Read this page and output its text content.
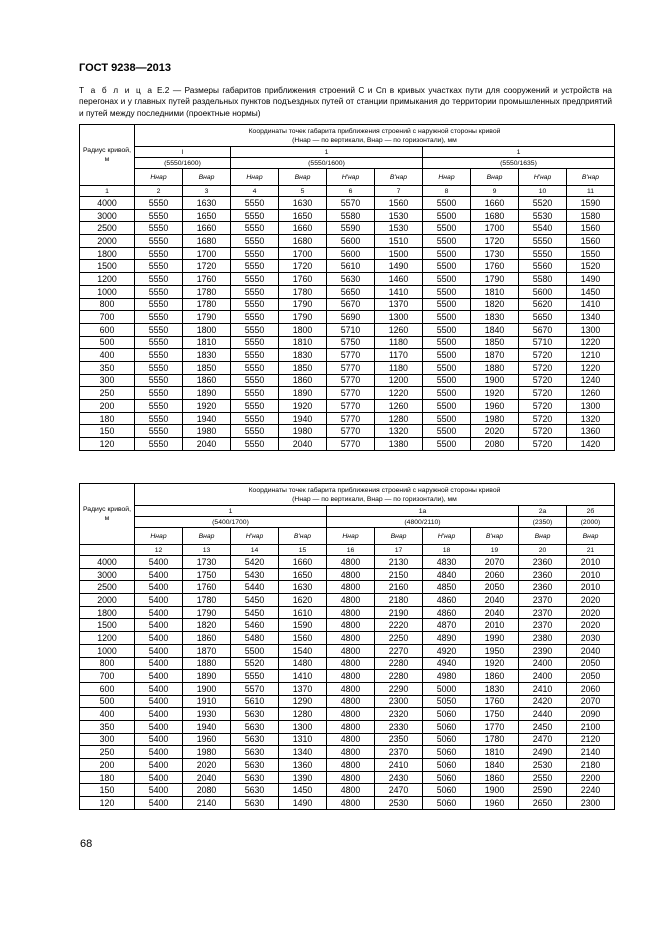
ГОСТ 9238—2013
Т а б л и ц а Е.2 — Размеры габаритов приближения строений С и Сп в кривых участках пути для сооружений и устройств на перегонах и у главных путей раздельных пунктов подъездных путей от станции примыкания до территории промышленных предприятий и путей между последними (проектные нормы)
Радиус кривой, м	Координаты точек габарита приближения строений с наружной стороны кривой
(Hнар — по вертикали, Bнар — по горизонтали), мм									

	I		1				1			
	(5550/1600)		(5550/1600)				(5550/1635)			
	Hнар	Bнар	Hнар	Bнар	H'нар	B'нар	Hнар	Bнар	H'нар	B'нар
1	2	3	4	5	6	7	8	9	10	11
4000	5550	1630	5550	1630	5570	1560	5500	1660	5520	1590
3000	5550	1650	5550	1650	5580	1530	5500	1680	5530	1580
2500	5550	1660	5550	1660	5590	1530	5500	1700	5540	1560
2000	5550	1680	5550	1680	5600	1510	5500	1720	5550	1560
1800	5550	1700	5550	1700	5600	1500	5500	1730	5550	1550
1500	5550	1720	5550	1720	5610	1490	5500	1760	5560	1520
1200	5550	1760	5550	1760	5630	1460	5500	1790	5580	1490
1000	5550	1780	5550	1780	5650	1410	5500	1810	5600	1450
800	5550	1780	5550	1790	5670	1370	5500	1820	5620	1410
700	5550	1790	5550	1790	5690	1300	5500	1830	5650	1340
600	5550	1800	5550	1800	5710	1260	5500	1840	5670	1300
500	5550	1810	5550	1810	5750	1180	5500	1850	5710	1220
400	5550	1830	5550	1830	5770	1170	5500	1870	5720	1210
350	5550	1850	5550	1850	5770	1180	5500	1880	5720	1220
300	5550	1860	5550	1860	5770	1200	5500	1900	5720	1240
250	5550	1890	5550	1890	5770	1220	5500	1920	5720	1260
200	5550	1920	5550	1920	5770	1260	5500	1960	5720	1300
180	5550	1940	5550	1940	5770	1280	5500	1980	5720	1320
150	5550	1980	5550	1980	5770	1320	5500	2020	5720	1360
120	5550	2040	5550	2040	5770	1380	5500	2080	5720	1420
Радиус кривой, м	Координаты точек габарита приближения строений с наружной стороны кривой
(Hнар — по вертикали, Bнар — по горизонтали), мм									

	1				1а				2а	2б
	(5400/1700)				(4800/2110)				(2350)	(2000)
	Hнар	Bнар	H'нар	B'нар	Hнар	Bнар	H'нар	B'нар	Bнар	Bнар
	12	13	14	15	16	17	18	19	20	21
4000	5400	1730	5420	1660	4800	2130	4830	2070	2360	2010
3000	5400	1750	5430	1650	4800	2150	4840	2060	2360	2010
2500	5400	1760	5440	1630	4800	2160	4850	2050	2360	2010
2000	5400	1780	5450	1620	4800	2180	4860	2040	2370	2020
1800	5400	1790	5450	1610	4800	2190	4860	2040	2370	2020
1500	5400	1820	5460	1590	4800	2220	4870	2010	2370	2020
1200	5400	1860	5480	1560	4800	2250	4890	1990	2380	2030
1000	5400	1870	5500	1540	4800	2270	4920	1950	2390	2040
800	5400	1880	5520	1480	4800	2280	4940	1920	2400	2050
700	5400	1890	5550	1410	4800	2280	4980	1860	2400	2050
600	5400	1900	5570	1370	4800	2290	5000	1830	2410	2060
500	5400	1910	5610	1290	4800	2300	5050	1760	2420	2070
400	5400	1930	5630	1280	4800	2320	5060	1750	2440	2090
350	5400	1940	5630	1300	4800	2330	5060	1770	2450	2100
300	5400	1960	5630	1310	4800	2350	5060	1780	2470	2120
250	5400	1980	5630	1340	4800	2370	5060	1810	2490	2140
200	5400	2020	5630	1360	4800	2410	5060	1840	2530	2180
180	5400	2040	5630	1390	4800	2430	5060	1860	2550	2200
150	5400	2080	5630	1450	4800	2470	5060	1900	2590	2240
120	5400	2140	5630	1490	4800	2530	5060	1960	2650	2300
68
